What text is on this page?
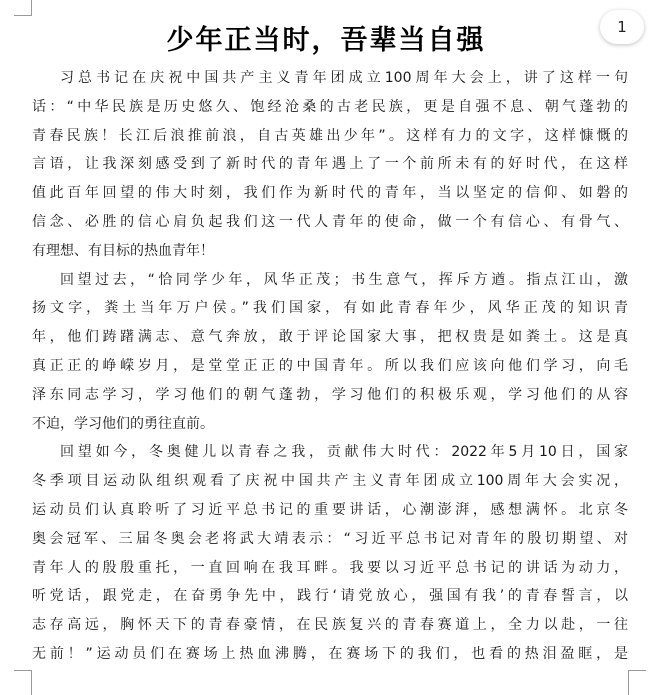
1
少年正当时，吾辈当自强
习总书记在庆祝中国共产主义青年团成立100周年大会上，讲了这样一句
话：“中华民族是历史悠久、饱经沧桑的古老民族，更是自强不息、朝气蓬勃的
青春民族！长江后浪推前浪，自古英雄出少年”。这样有力的文字，这样慷慨的
言语，让我深刻感受到了新时代的青年遇上了一个前所未有的好时代，在这样
值此百年回望的伟大时刻，我们作为新时代的青年，当以坚定的信仰、如磐的
信念、必胜的信心肩负起我们这一代人青年的使命，做一个有信心、有骨气、
有理想、有目标的热血青年！
回望过去，“恰同学少年，风华正茂；书生意气，挥斥方遒。指点江山，激
扬文字，粪土当年万户侯。”我们国家，有如此青春年少，风华正茂的知识青
年，他们踌躇满志、意气奔放，敢于评论国家大事，把权贵是如粪土。这是真
真正正的峥嵘岁月，是堂堂正正的中国青年。所以我们应该向他们学习，向毛
泽东同志学习，学习他们的朝气蓬勃，学习他们的积极乐观，学习他们的从容
不迫，学习他们的勇往直前。
回望如今，冬奥健儿以青春之我，贡献伟大时代：2022年5月10日，国家
冬季项目运动队组织观看了庆祝中国共产主义青年团成立100周年大会实况，
运动员们认真聆听了习近平总书记的重要讲话，心潮澎湃，感想满怀。北京冬
奥会冠军、三届冬奥会老将武大靖表示：“习近平总书记对青年的殷切期望、对
青年人的殷殷重托，一直回响在我耳畔。我要以习近平总书记的讲话为动力，
听党话，跟党走，在奋勇争先中，践行‘请党放心，强国有我’的青春誓言，以
志存高远，胸怀天下的青春豪情，在民族复兴的青春赛道上，全力以赴，一往
无前！”运动员们在赛场上热血沸腾，在赛场下的我们，也看的热泪盈眶，是
